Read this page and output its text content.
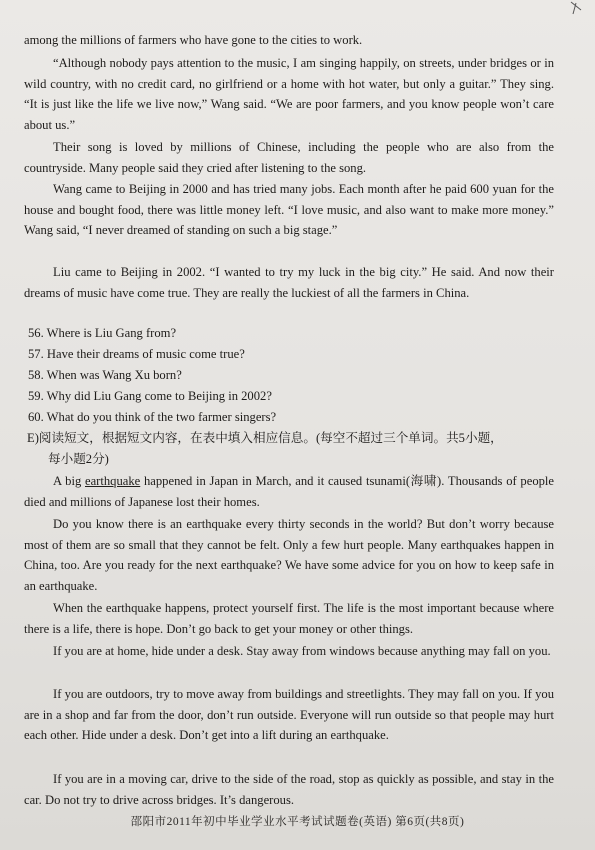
among the millions of farmers who have gone to the cities to work.

“Although nobody pays attention to the music, I am singing happily, on streets, under bridges or in wild country, with no credit card, no girlfriend or a home with hot water, but only a guitar.” They sing. “It is just like the life we live now,” Wang said. “We are poor farmers, and you know people won’t care about us.”

Their song is loved by millions of Chinese, including the people who are also from the countryside. Many people said they cried after listening to the song.

Wang came to Beijing in 2000 and has tried many jobs. Each month after he paid 600 yuan for the house and bought food, there was little money left. “I love music, and also want to make more money.” Wang said, “I never dreamed of standing on such a big stage.”

Liu came to Beijing in 2002. “I wanted to try my luck in the big city.” He said. And now their dreams of music have come true. They are really the luckiest of all the farmers in China.

56. Where is Liu Gang from?

57. Have their dreams of music come true?

58. When was Wang Xu born?

59. Why did Liu Gang come to Beijing in 2002?

60. What do you think of the two farmer singers?

E)阅读短文，根据短文内容，在表中填入相应信息。(每空不超过三个单词。共5小题，

每小题2分)

A big earthquake happened in Japan in March, and it caused tsunami(海啸). Thousands of people died and millions of Japanese lost their homes.

Do you know there is an earthquake every thirty seconds in the world? But don’t worry because most of them are so small that they cannot be felt. Only a few hurt people. Many earthquakes happen in China, too. Are you ready for the next earthquake? We have some advice for you on how to keep safe in an earthquake.

When the earthquake happens, protect yourself first. The life is the most important because where there is a life, there is hope. Don’t go back to get your money or other things.

If you are at home, hide under a desk. Stay away from windows because anything may fall on you.

If you are outdoors, try to move away from buildings and streetlights. They may fall on you. If you are in a shop and far from the door, don’t run outside. Everyone will run outside so that people may hurt each other. Hide under a desk. Don’t get into a lift during an earthquake.

If you are in a moving car, drive to the side of the road, stop as quickly as possible, and stay in the car. Do not try to drive across bridges. It’s dangerous.

邵阳市2011年初中毕业学业水平考试试题卷(英语) 第6页(共8页)
